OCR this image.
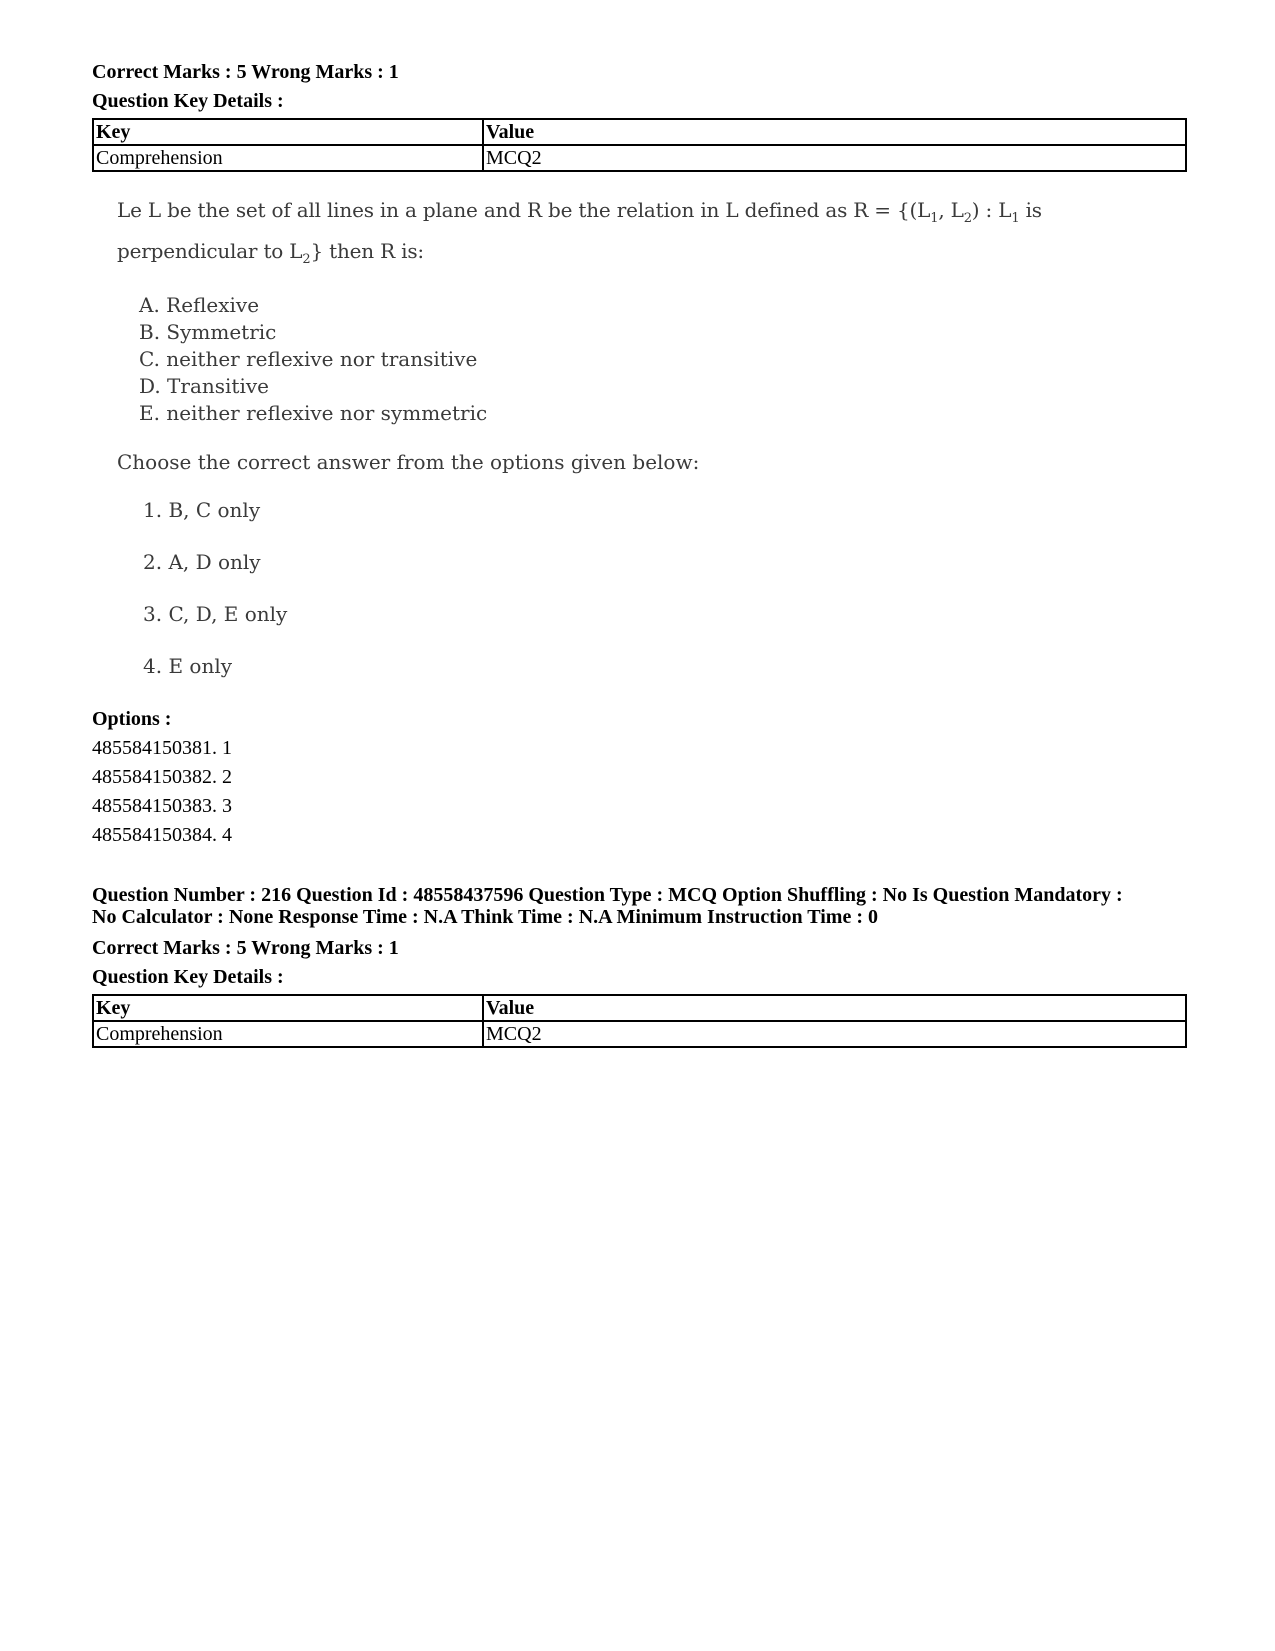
Correct Marks : 5 Wrong Marks : 1
Question Key Details :
Key	Value
Comprehension	MCQ2
Le L be the set of all lines in a plane and R be the relation in L defined as $R = \{(L_1$, $L_2$) : $L_1$ is perpendicular to $L_2$} then R is:
A. Reflexive
B. Symmetric
C. neither reflexive nor transitive
D. Transitive
E. neither reflexive nor symmetric
Choose the correct answer from the options given below:
1. B, C only
2. A, D only
3. C, D, E only
4. E only
Options :
485584150381. 1
485584150382. 2
485584150383. 3
485584150384. 4
Question Number : 216 Question Id : 48558437596 Question Type : MCQ Option Shuffling : No Is Question Mandatory :
No Calculator : None Response Time : N.A Think Time : N.A Minimum Instruction Time : 0
Correct Marks : 5 Wrong Marks : 1
Question Key Details :
Key	Value
Comprehension	MCQ2
